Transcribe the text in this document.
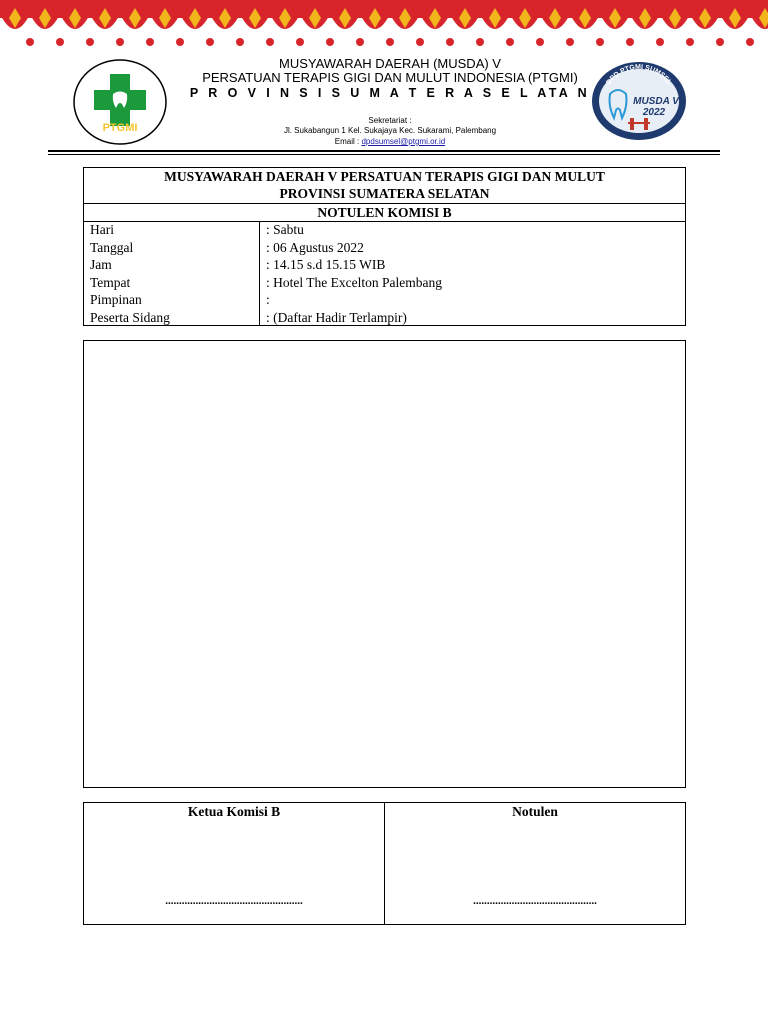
PTGMI
DPD PTGMI SUMSEL
MUSDA V
2022
MUSYAWARAH DAERAH (MUSDA) V
PERSATUAN TERAPIS GIGI DAN MULUT INDONESIA (PTGMI)
P R O V I N S I S U M A T E R A S E L ATA N
Sekretariat :
Jl. Sukabangun 1 Kel. Sukajaya Kec. Sukarami, Palembang
Email : dpdsumsel@ptgmi.or.id
MUSYAWARAH DAERAH V PERSATUAN TERAPIS GIGI DAN MULUT
PROVINSI SUMATERA SELATAN
NOTULEN KOMISI B
Hari	: Sabtu
Tanggal	: 06 Agustus 2022
Jam	: 14.15 s.d 15.15 WIB
Tempat	: Hotel The Excelton Palembang
Pimpinan	:
Peserta Sidang	: (Daftar Hadir Terlampir)
Ketua Komisi B	Notulen
..................................................	.............................................
